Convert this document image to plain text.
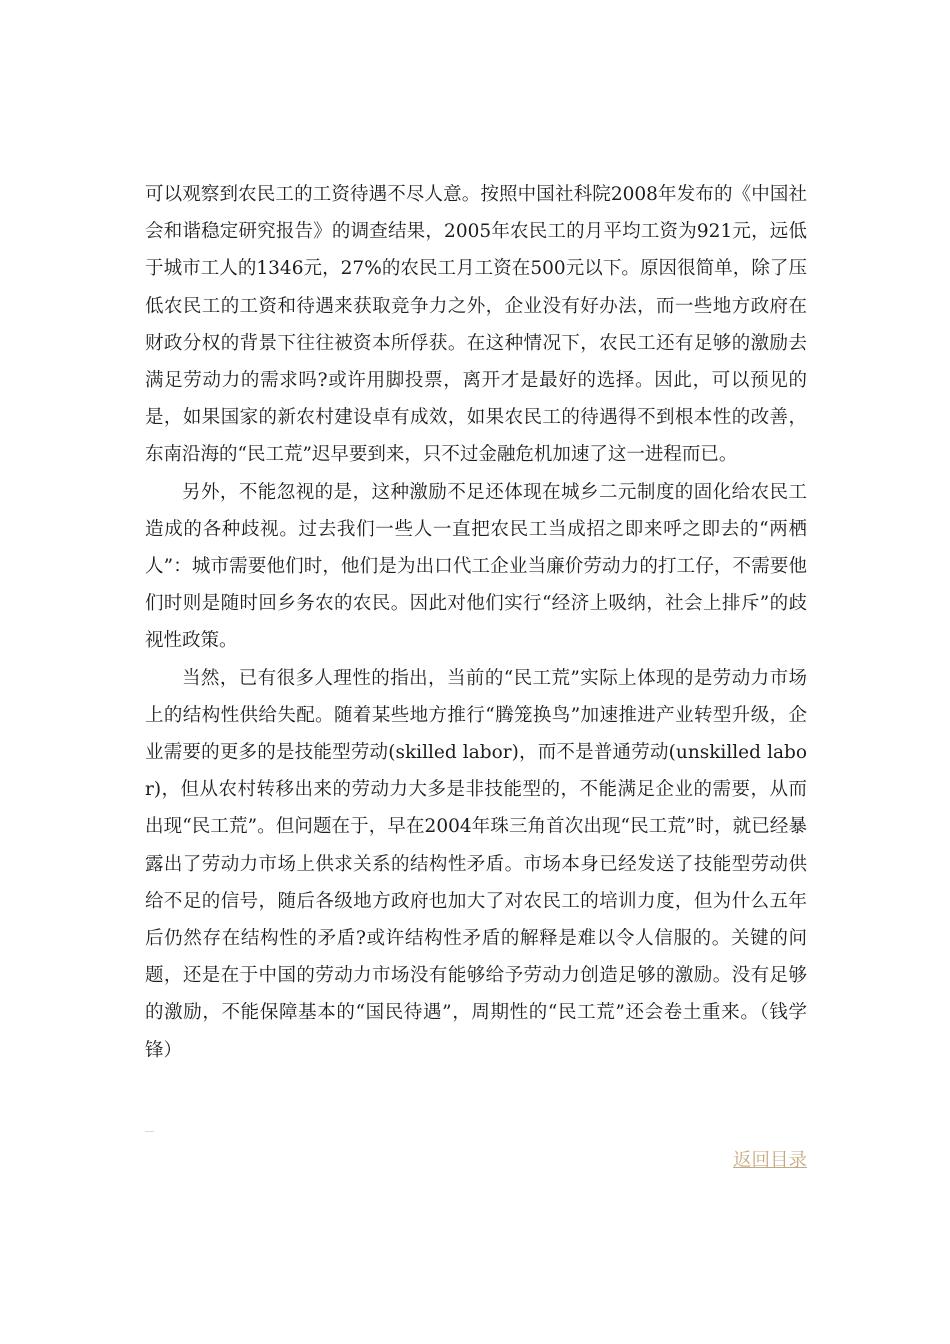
可以观察到农民工的工资待遇不尽人意。按照中国社科院2008年发布的《中国社会和谐稳定研究报告》的调查结果，2005年农民工的月平均工资为921元，远低于城市工人的1346元，27%的农民工月工资在500元以下。原因很简单，除了压低农民工的工资和待遇来获取竞争力之外，企业没有好办法，而一些地方政府在财政分权的背景下往往被资本所俘获。在这种情况下，农民工还有足够的激励去满足劳动力的需求吗?或许用脚投票，离开才是最好的选择。因此，可以预见的是，如果国家的新农村建设卓有成效，如果农民工的待遇得不到根本性的改善，东南沿海的“民工荒”迟早要到来，只不过金融危机加速了这一进程而已。

另外，不能忽视的是，这种激励不足还体现在城乡二元制度的固化给农民工造成的各种歧视。过去我们一些人一直把农民工当成招之即来呼之即去的“两栖人”：城市需要他们时，他们是为出口代工企业当廉价劳动力的打工仔，不需要他们时则是随时回乡务农的农民。因此对他们实行“经济上吸纳，社会上排斥”的歧视性政策。

当然，已有很多人理性的指出，当前的“民工荒”实际上体现的是劳动力市场上的结构性供给失配。随着某些地方推行“腾笼换鸟”加速推进产业转型升级，企业需要的更多的是技能型劳动(skilled labor)，而不是普通劳动(unskilled labor)，但从农村转移出来的劳动力大多是非技能型的，不能满足企业的需要，从而出现“民工荒”。但问题在于，早在2004年珠三角首次出现“民工荒”时，就已经暴露出了劳动力市场上供求关系的结构性矛盾。市场本身已经发送了技能型劳动供给不足的信号，随后各级地方政府也加大了对农民工的培训力度，但为什么五年后仍然存在结构性的矛盾?或许结构性矛盾的解释是难以令人信服的。关键的问题，还是在于中国的劳动力市场没有能够给予劳动力创造足够的激励。没有足够的激励，不能保障基本的“国民待遇”，周期性的“民工荒”还会卷土重来。（钱学锋）

返回目录
